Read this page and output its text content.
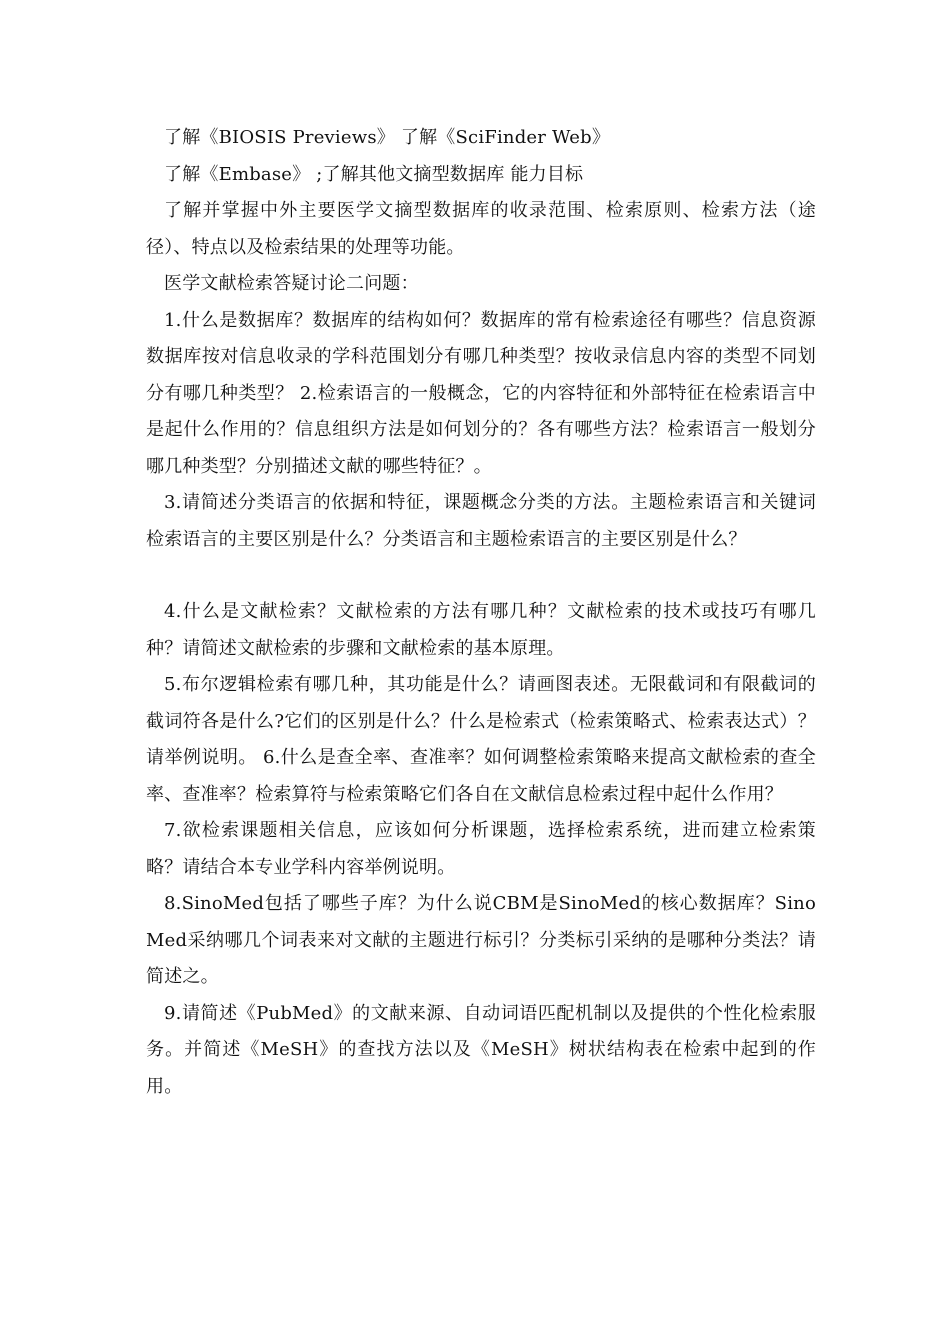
了解《BIOSIS Previews》 了解《SciFinder Web》

了解《Embase》 ;了解其他文摘型数据库 能力目标

了解并掌握中外主要医学文摘型数据库的收录范围、检索原则、检索方法（途径）、特点以及检索结果的处理等功能。

医学文献检索答疑讨论二问题：

1.什么是数据库？数据库的结构如何？数据库的常有检索途径有哪些？信息资源数据库按对信息收录的学科范围划分有哪几种类型？按收录信息内容的类型不同划分有哪几种类型？ 2.检索语言的一般概念，它的内容特征和外部特征在检索语言中是起什么作用的？信息组织方法是如何划分的？各有哪些方法？检索语言一般划分哪几种类型？分别描述文献的哪些特征？。

3.请简述分类语言的依据和特征，课题概念分类的方法。主题检索语言和关键词检索语言的主要区别是什么？分类语言和主题检索语言的主要区别是什么？

4.什么是文献检索？文献检索的方法有哪几种？文献检索的技术或技巧有哪几种？请简述文献检索的步骤和文献检索的基本原理。

5.布尔逻辑检索有哪几种，其功能是什么？请画图表述。无限截词和有限截词的截词符各是什么?它们的区别是什么？什么是检索式（检索策略式、检索表达式）？请举例说明。 6.什么是查全率、查准率？如何调整检索策略来提高文献检索的查全率、查准率？检索算符与检索策略它们各自在文献信息检索过程中起什么作用？

7.欲检索课题相关信息，应该如何分析课题，选择检索系统，进而建立检索策略？请结合本专业学科内容举例说明。

8.SinoMed包括了哪些子库？为什么说CBM是SinoMed的核心数据库？SinoMed采纳哪几个词表来对文献的主题进行标引？分类标引采纳的是哪种分类法？请简述之。

9.请简述《PubMed》的文献来源、自动词语匹配机制以及提供的个性化检索服务。并简述《MeSH》的查找方法以及《MeSH》树状结构表在检索中起到的作用。
